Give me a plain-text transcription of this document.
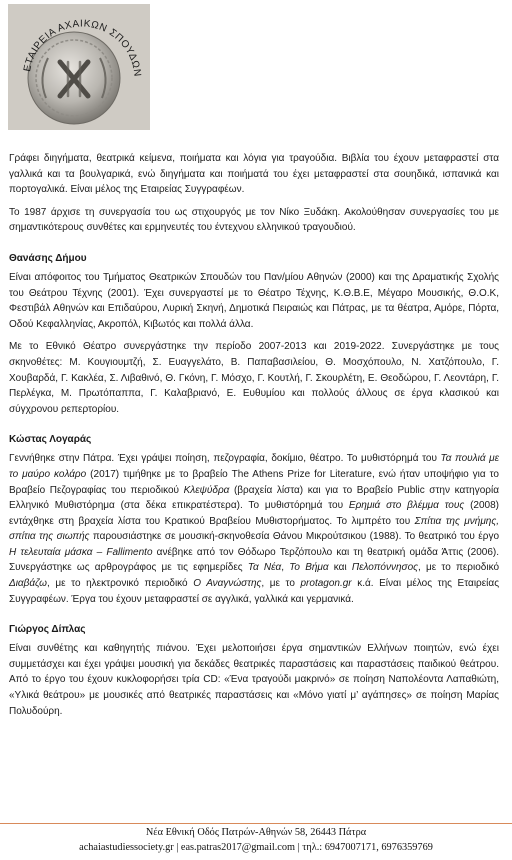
ΕΤΑΙΡΕΙΑ ΑΧΑΙΚΩΝ ΣΠΟΥΔΩΝ

Γράφει διηγήματα, θεατρικά κείμενα, ποιήματα και λόγια για τραγούδια. Βιβλία του έχουν μεταφραστεί στα γαλλικά και τα βουλγαρικά, ενώ διηγήματα και ποιήματά του έχει μεταφραστεί στα σουηδικά, ισπανικά και πορτογαλικά. Είναι μέλος της Εταιρείας Συγγραφέων.

Το 1987 άρχισε τη συνεργασία του ως στιχουργός με τον Νίκο Ξυδάκη. Ακολούθησαν συνεργασίες του με σημαντικότερους συνθέτες και ερμηνευτές του έντεχνου ελληνικού τραγουδιού.

Θανάσης Δήμου

Είναι απόφοιτος του Τμήματος Θεατρικών Σπουδών του Παν/μίου Αθηνών (2000) και της Δραματικής Σχολής του Θεάτρου Τέχνης (2001). Έχει συνεργαστεί με το Θέατρο Τέχνης, Κ.Θ.Β.Ε, Μέγαρο Μουσικής, Θ.Ο.Κ, Φεστιβάλ Αθηνών και Επιδαύρου, Λυρική Σκηνή, Δημοτικά Πειραιώς και Πάτρας, με τα θέατρα, Αμόρε, Πόρτα, Οδού Κεφαλληνίας, Ακροπόλ, Κιβωτός και πολλά άλλα.

Με το Εθνικό Θέατρο συνεργάστηκε την περίοδο 2007-2013 και 2019-2022. Συνεργάστηκε με τους σκηνοθέτες: Μ. Κουγιουμτζή, Σ. Ευαγγελάτο, Β. Παπαβασιλείου, Θ. Μοσχόπουλο, Ν. Χατζόπουλο, Γ. Χουβαρδά, Γ. Κακλέα, Σ. Λιβαθινό, Θ. Γκόνη, Γ. Μόσχο, Γ. Κουτλή, Γ. Σκουρλέτη, Ε. Θεοδώρου, Γ. Λεοντάρη, Γ. Περλέγκα, Μ. Πρωτόπαππα, Γ. Καλαβριανό, Ε. Ευθυμίου και πολλούς άλλους σε έργα κλασικού και σύγχρονου ρεπερτορίου.

Κώστας Λογαράς

Γεννήθηκε στην Πάτρα. Έχει γράψει ποίηση, πεζογραφία, δοκίμιο, θέατρο. Το μυθιστόρημά του Τα πουλιά με το μαύρο κολάρο (2017) τιμήθηκε με το βραβείο The Athens Prize for Literature, ενώ ήταν υποψήφιο για το Βραβείο Πεζογραφίας του περιοδικού Κλεψύδρα (βραχεία λίστα) και για το Βραβείο Public στην κατηγορία Ελληνικό Μυθιστόρημα (στα δέκα επικρατέστερα). Το μυθιστόρημά του Ερημιά στο βλέμμα τους (2008) εντάχθηκε στη βραχεία λίστα του Κρατικού Βραβείου Μυθιστορήματος. Το λιμπρέτο του Σπίτια της μνήμης, σπίτια της σιωπής παρουσιάστηκε σε μουσική-σκηνοθεσία Θάνου Μικρούτσικου (1988). Το θεατρικό του έργο Η τελευταία μάσκα – Fallimento ανέβηκε από τον Θόδωρο Τερζόπουλο και τη θεατρική ομάδα Άττις (2006). Συνεργάστηκε ως αρθρογράφος με τις εφημερίδες Τα Νέα, Το Βήμα και Πελοπόννησος, με το περιοδικό Διαβάζω, με το ηλεκτρονικό περιοδικό Ο Αναγνώστης, με το protagon.gr κ.ά. Είναι μέλος της Εταιρείας Συγγραφέων. Έργα του έχουν μεταφραστεί σε αγγλικά, γαλλικά και γερμανικά.

Γιώργος Δίπλας

Είναι συνθέτης και καθηγητής πιάνου. Έχει μελοποιήσει έργα σημαντικών Ελλήνων ποιητών, ενώ έχει συμμετάσχει και έχει γράψει μουσική για δεκάδες θεατρικές παραστάσεις και παραστάσεις παιδικού θεάτρου. Από το έργο του έχουν κυκλοφορήσει τρία CD: «Ένα τραγούδι μακρινό» σε ποίηση Ναπολέοντα Λαπαθιώτη, «Υλικά θεάτρου» με μουσικές από θεατρικές παραστάσεις και «Μόνο γιατί μ’ αγάπησες» σε ποίηση Μαρίας Πολυδούρη.

Νέα Εθνική Οδός Πατρών-Αθηνών 58, 26443 Πάτρα
achaiastudiessociety.gr | eas.patras2017@gmail.com | τηλ.: 6947007171, 6976359769
